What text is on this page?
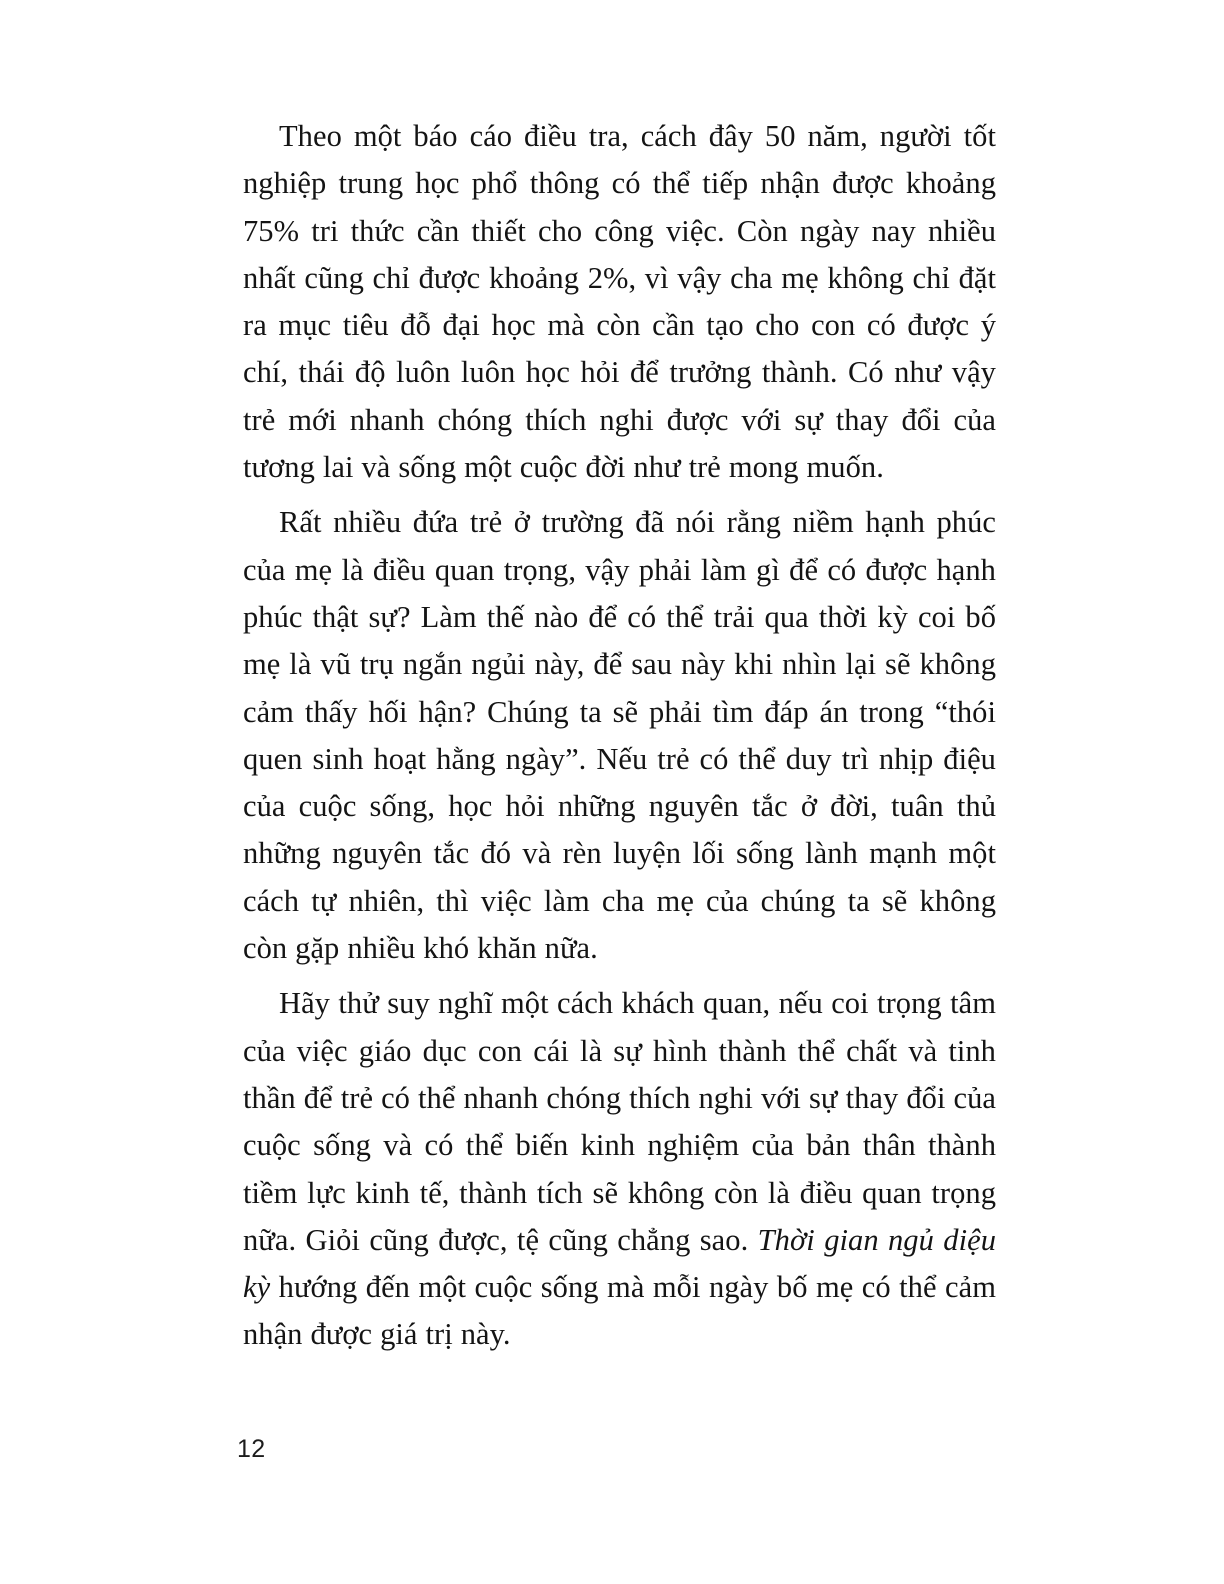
Theo một báo cáo điều tra, cách đây 50 năm, người tốt nghiệp trung học phổ thông có thể tiếp nhận được khoảng 75% tri thức cần thiết cho công việc. Còn ngày nay nhiều nhất cũng chỉ được khoảng 2%, vì vậy cha mẹ không chỉ đặt ra mục tiêu đỗ đại học mà còn cần tạo cho con có được ý chí, thái độ luôn luôn học hỏi để trưởng thành. Có như vậy trẻ mới nhanh chóng thích nghi được với sự thay đổi của tương lai và sống một cuộc đời như trẻ mong muốn.

Rất nhiều đứa trẻ ở trường đã nói rằng niềm hạnh phúc của mẹ là điều quan trọng, vậy phải làm gì để có được hạnh phúc thật sự? Làm thế nào để có thể trải qua thời kỳ coi bố mẹ là vũ trụ ngắn ngủi này, để sau này khi nhìn lại sẽ không cảm thấy hối hận? Chúng ta sẽ phải tìm đáp án trong “thói quen sinh hoạt hằng ngày”. Nếu trẻ có thể duy trì nhịp điệu của cuộc sống, học hỏi những nguyên tắc ở đời, tuân thủ những nguyên tắc đó và rèn luyện lối sống lành mạnh một cách tự nhiên, thì việc làm cha mẹ của chúng ta sẽ không còn gặp nhiều khó khăn nữa.

Hãy thử suy nghĩ một cách khách quan, nếu coi trọng tâm của việc giáo dục con cái là sự hình thành thể chất và tinh thần để trẻ có thể nhanh chóng thích nghi với sự thay đổi của cuộc sống và có thể biến kinh nghiệm của bản thân thành tiềm lực kinh tế, thành tích sẽ không còn là điều quan trọng nữa. Giỏi cũng được, tệ cũng chẳng sao. Thời gian ngủ diệu kỳ hướng đến một cuộc sống mà mỗi ngày bố mẹ có thể cảm nhận được giá trị này.

12
